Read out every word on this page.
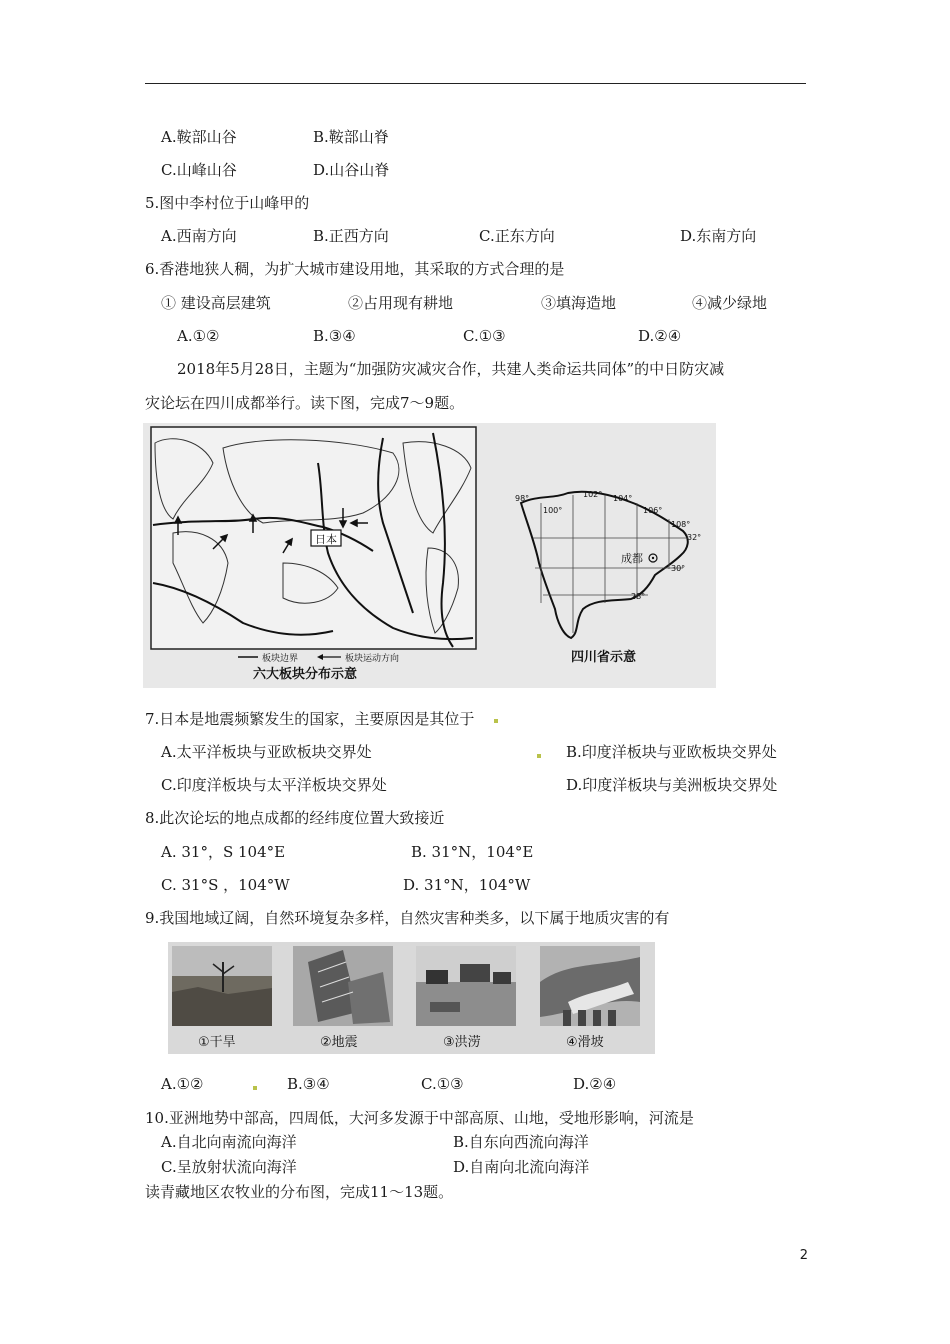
A.鞍部山谷	B.鞍部山脊
C.山峰山谷	D.山谷山脊
5.图中李村位于山峰甲的
A.西南方向	B.正西方向	C.正东方向	D.东南方向
6.香港地狭人稠，为扩大城市建设用地，其采取的方式合理的是
① 建设高层建筑	②占用现有耕地	③填海造地	④减少绿地
A.①②	B.③④	C.①③	D.②④
2018年5月28日，主题为“加强防灾减灾合作，共建人类命运共同体”的中日防灾减
灾论坛在四川成都举行。读下图，完成7～9题。
日本
板块边界	板块运动方向
六大板块分布示意
98°
100°
102° 104°
106°
108°
32°
30°
28°
成都
四川省示意
7.日本是地震频繁发生的国家，主要原因是其位于
A.太平洋板块与亚欧板块交界处	B.印度洋板块与亚欧板块交界处
C.印度洋板块与太平洋板块交界处	D.印度洋板块与美洲板块交界处
8.此次论坛的地点成都的经纬度位置大致接近
A. 31°，S 104°E	B. 31°N，104°E
C. 31°S ，104°W	D. 31°N，104°W
9.我国地域辽阔，自然环境复杂多样，自然灾害种类多，以下属于地质灾害的有
①干旱	②地震	③洪涝	④滑坡
A.①②	B.③④	C.①③	D.②④
10.亚洲地势中部高，四周低，大河多发源于中部高原、山地，受地形影响，河流是
A.自北向南流向海洋	B.自东向西流向海洋
C.呈放射状流向海洋	D.自南向北流向海洋
读青藏地区农牧业的分布图，完成11～13题。
2
